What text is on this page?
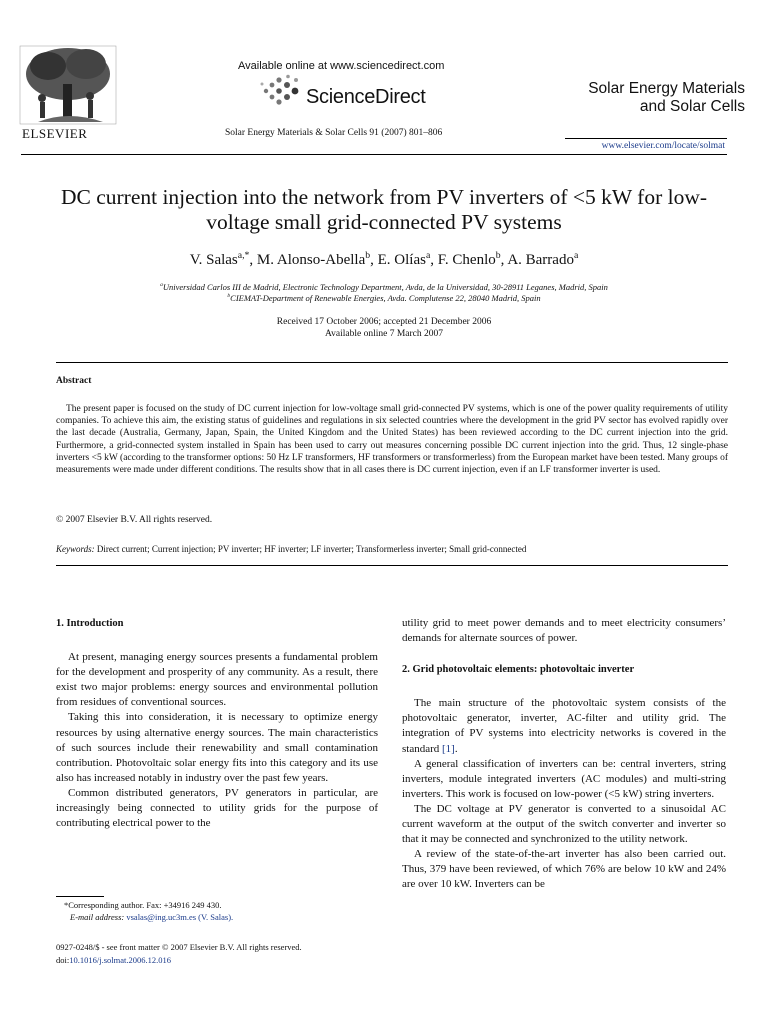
ELSEVIER
Available online at www.sciencedirect.com
ScienceDirect
Solar Energy Materials & Solar Cells 91 (2007) 801–806
Solar Energy Materials
and Solar Cells
www.elsevier.com/locate/solmat
DC current injection into the network from PV inverters of <5 kW for low-voltage small grid-connected PV systems
V. Salas$^{a,*}$, M. Alonso-Abella$^b$, E. Olías$^a$, F. Chenlo$^b$, A. Barrado$^a$
$^a$Universidad Carlos III de Madrid, Electronic Technology Department, Avda, de la Universidad, 30-28911 Leganes, Madrid, Spain
$^b$CIEMAT-Department of Renewable Energies, Avda. Complutense 22, 28040 Madrid, Spain
Received 17 October 2006; accepted 21 December 2006
Available online 7 March 2007
Abstract
The present paper is focused on the study of DC current injection for low-voltage small grid-connected PV systems, which is one of the power quality requirements of utility companies. To achieve this aim, the existing status of guidelines and regulations in six selected countries where the development in the grid PV sector has evolved rapidly over the last decade (Australia, Germany, Japan, Spain, the United Kingdom and the United States) has been reviewed according to the DC current injection into the grid. Furthermore, a grid-connected system installed in Spain has been used to carry out measures concerning possible DC current injection into the grid. Thus, 12 single-phase inverters <5 kW (according to the transformer options: 50 Hz LF transformers, HF transformers or transformerless) from the European market have been tested. Many groups of measurements were made under different conditions. The results show that in all cases there is DC current injection, even if an LF transformer inverter is used.
© 2007 Elsevier B.V. All rights reserved.
Keywords: Direct current; Current injection; PV inverter; HF inverter; LF inverter; Transformerless inverter; Small grid-connected
1. Introduction

At present, managing energy sources presents a fundamental problem for the development and prosperity of any community. As a result, there exist two major problems: energy sources and environmental pollution from residues of conventional sources.

Taking this into consideration, it is necessary to optimize energy resources by using alternative energy sources. The main characteristics of such sources include their renewability and small contamination contribution. Photovoltaic solar energy fits into this category and its use also has increased notably in industry over the past few years.

Common distributed generators, PV generators in particular, are increasingly being connected to utility grids for the purpose of contributing electrical power to the

utility grid to meet power demands and to meet electricity consumers’ demands for alternate sources of power.

2. Grid photovoltaic elements: photovoltaic inverter

The main structure of the photovoltaic system consists of the photovoltaic generator, inverter, AC-filter and utility grid. The integration of PV systems into electricity networks is covered in the standard [1].

A general classification of inverters can be: central inverters, string inverters, module integrated inverters (AC modules) and multi-string inverters. This work is focused on low-power (<5 kW) string inverters.

The DC voltage at PV generator is converted to a sinusoidal AC current waveform at the output of the switch converter and inverter so that it may be connected and synchronized to the utility network.

A review of the state-of-the-art inverter has also been carried out. Thus, 379 have been reviewed, of which 76% are below 10 kW and 24% are over 10 kW. Inverters can be

*Corresponding author. Fax: +34916 249 430.
E-mail address: vsalas@ing.uc3m.es (V. Salas).
0927-0248/$ - see front matter © 2007 Elsevier B.V. All rights reserved.
doi:10.1016/j.solmat.2006.12.016
